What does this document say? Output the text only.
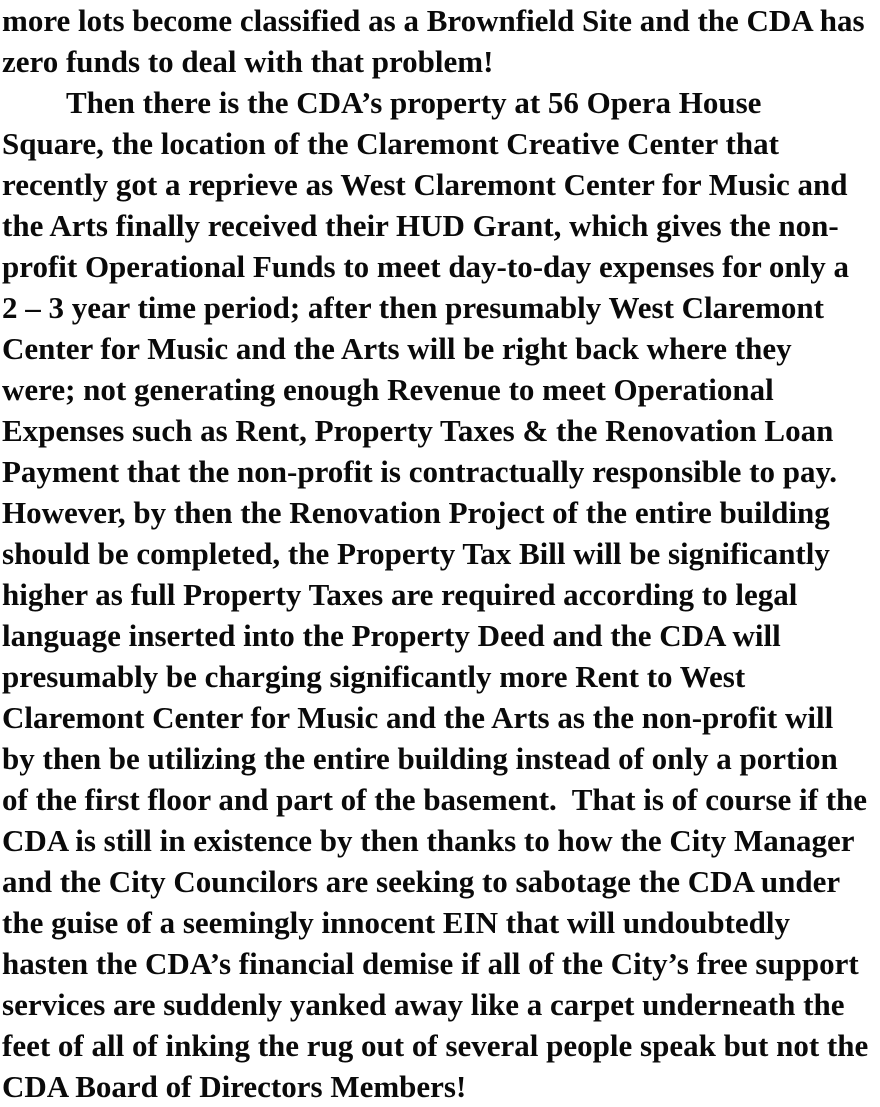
more lots become classified as a Brownfield Site and the CDA has
zero funds to deal with that problem!
Then there is the CDA’s property at 56 Opera House
Square, the location of the Claremont Creative Center that
recently got a reprieve as West Claremont Center for Music and
the Arts finally received their HUD Grant, which gives the non-
profit Operational Funds to meet day-to-day expenses for only a
2 – 3 year time period; after then presumably West Claremont
Center for Music and the Arts will be right back where they
were; not generating enough Revenue to meet Operational
Expenses such as Rent, Property Taxes & the Renovation Loan
Payment that the non-profit is contractually responsible to pay.
However, by then the Renovation Project of the entire building
should be completed, the Property Tax Bill will be significantly
higher as full Property Taxes are required according to legal
language inserted into the Property Deed and the CDA will
presumably be charging significantly more Rent to West
Claremont Center for Music and the Arts as the non-profit will
by then be utilizing the entire building instead of only a portion
of the first floor and part of the basement.  That is of course if the
CDA is still in existence by then thanks to how the City Manager
and the City Councilors are seeking to sabotage the CDA under
the guise of a seemingly innocent EIN that will undoubtedly
hasten the CDA’s financial demise if all of the City’s free support
services are suddenly yanked away like a carpet underneath the
feet of all of inking the rug out of several people speak but not the
CDA Board of Directors Members!
